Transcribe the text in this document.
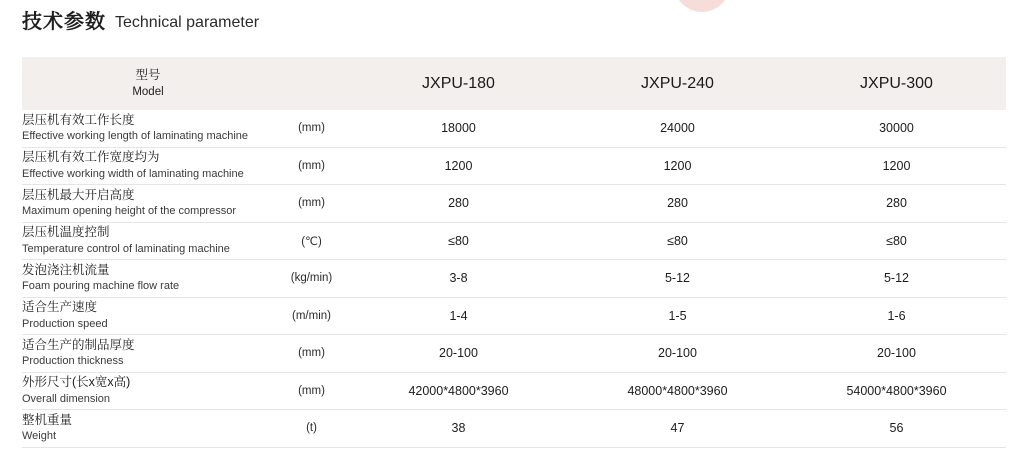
技术参数 Technical parameter
型号
Model		JXPU-180	JXPU-240	JXPU-300

层压机有效工作长度
Effective working length of laminating machine	(mm)	18000	24000	30000

层压机有效工作宽度均为
Effective working width of laminating machine	(mm)	1200	1200	1200

层压机最大开启高度
Maximum opening height of the compressor	(mm)	280	280	280

层压机温度控制
Temperature control of laminating machine	(℃)	≤80	≤80	≤80

发泡浇注机流量
Foam pouring machine flow rate	(kg/min)	3-8	5-12	5-12

适合生产速度
Production speed	(m/min)	1-4	1-5	1-6

适合生产的制品厚度
Production thickness	(mm)	20-100	20-100	20-100

外形尺寸(长x宽x高)
Overall dimension	(mm)	42000*4800*3960	48000*4800*3960	54000*4800*3960

整机重量
Weight	(t)	38	47	56
